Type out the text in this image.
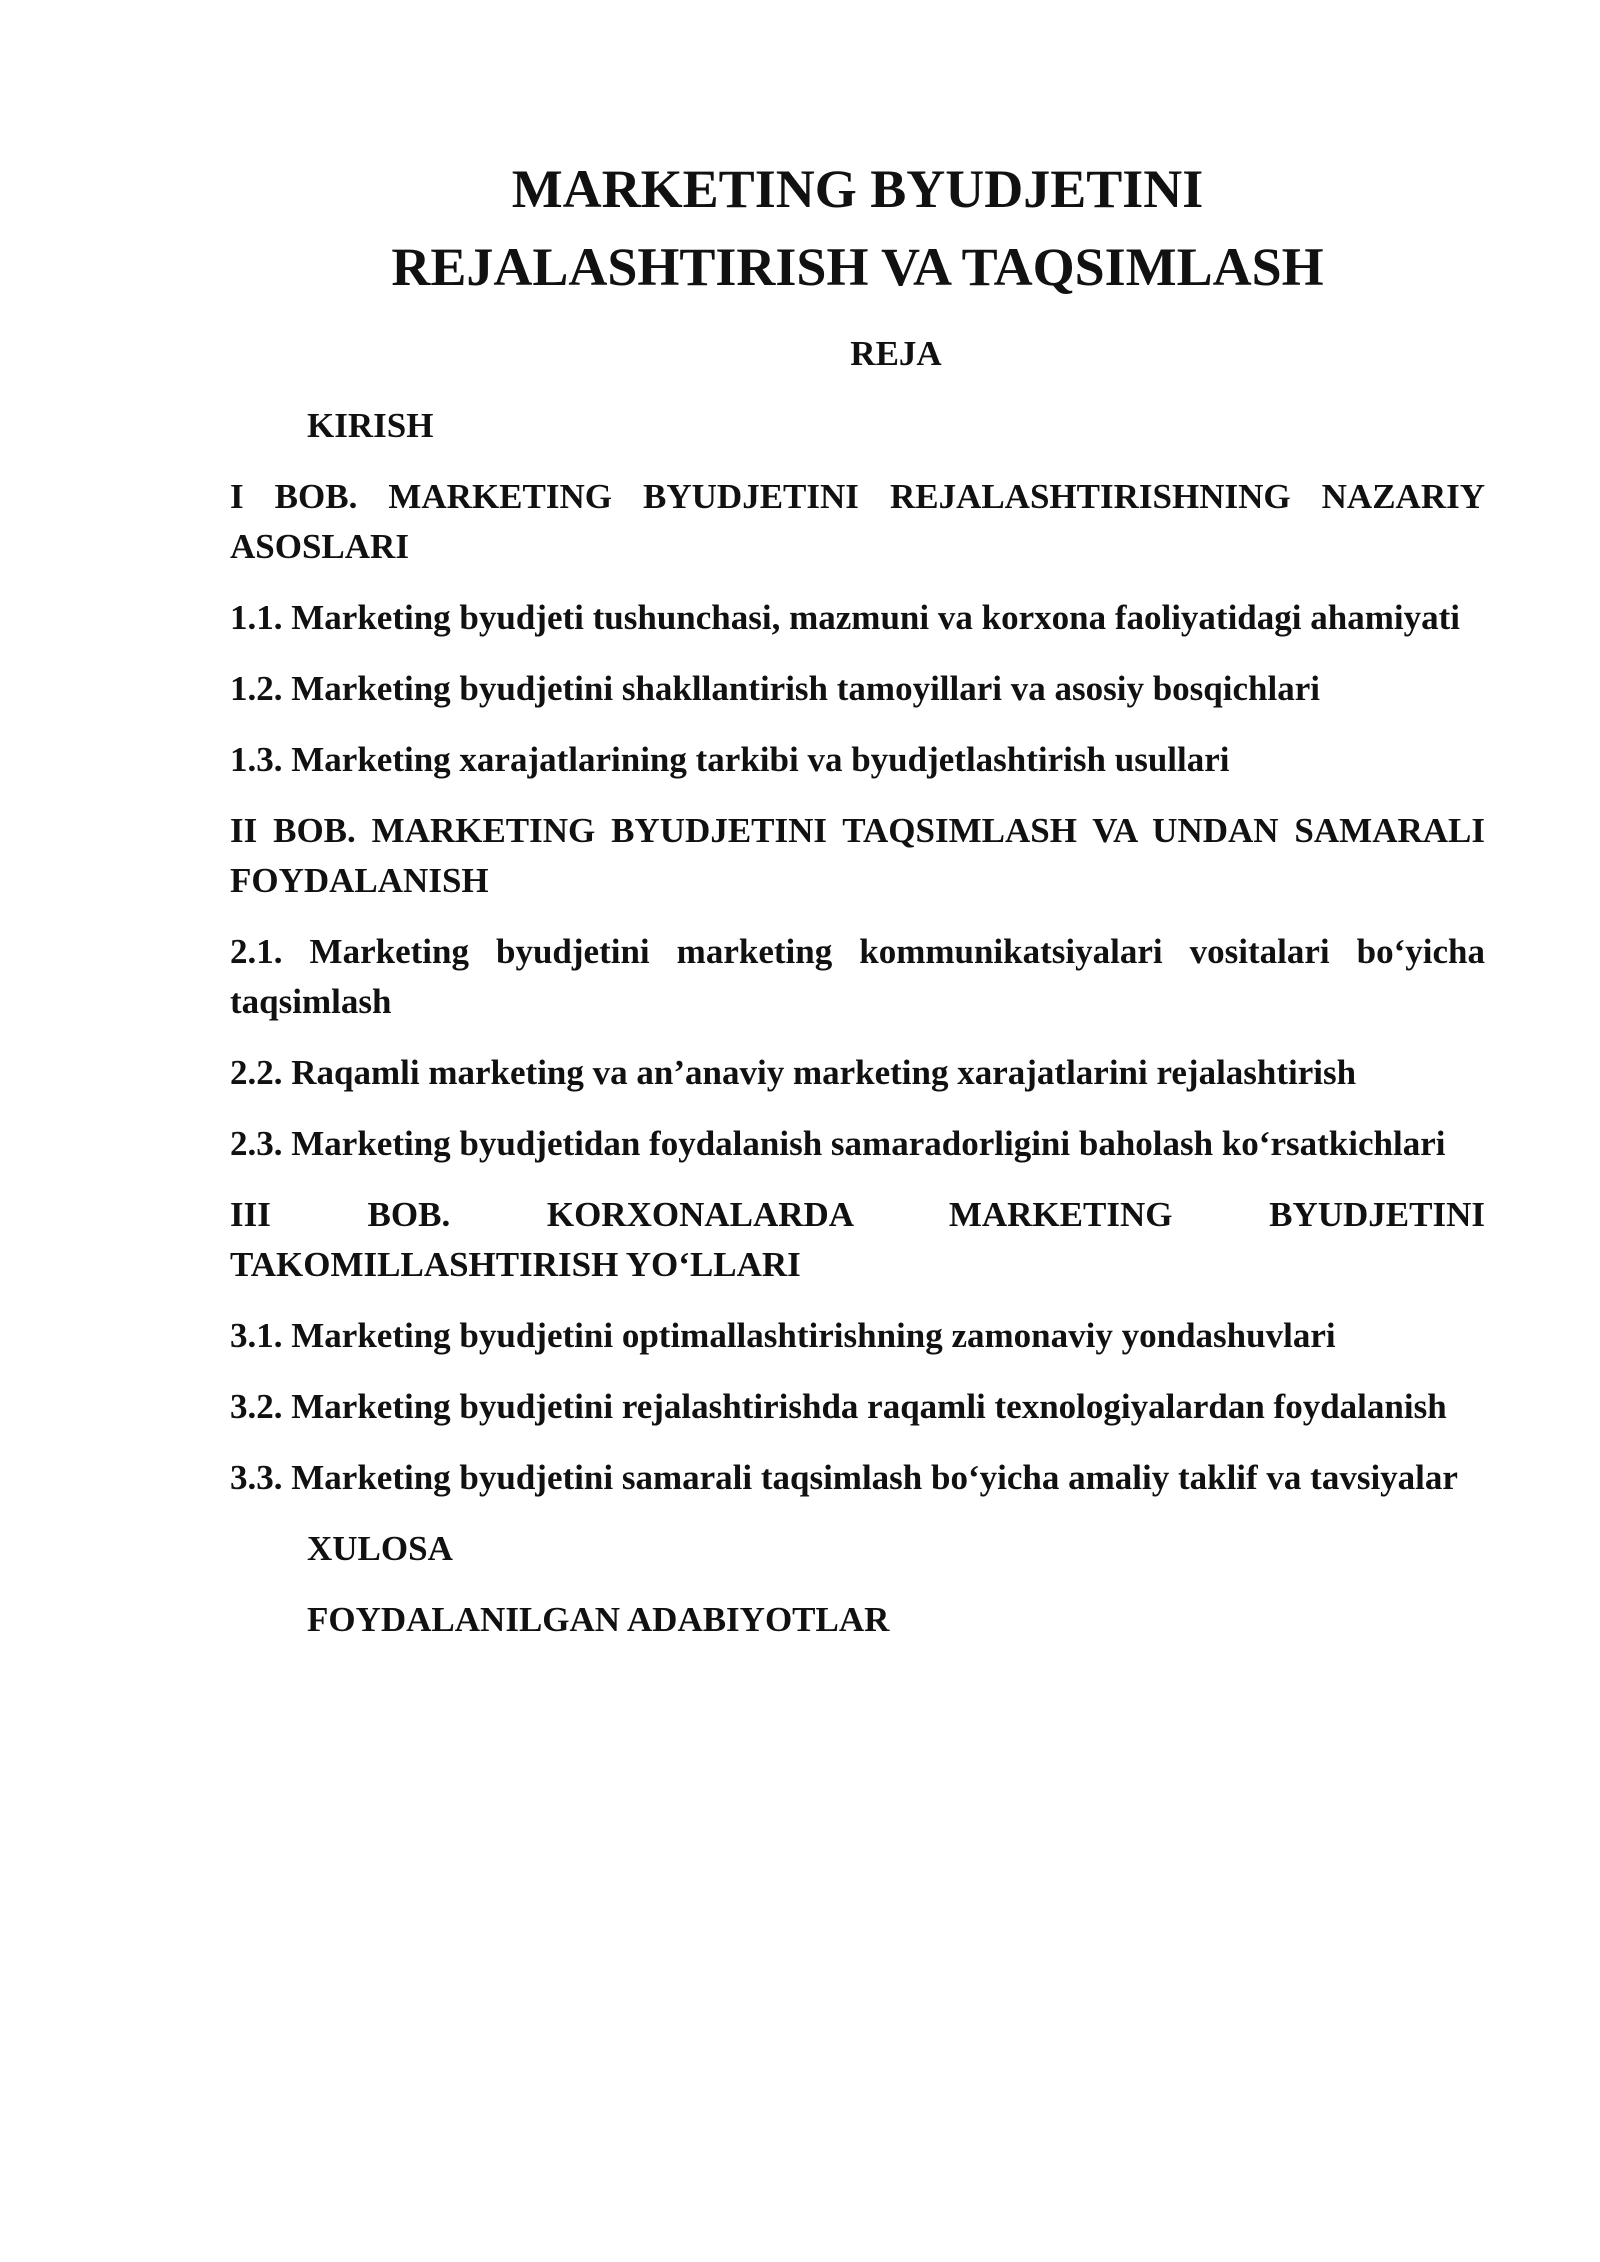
MARKETING BYUDJETINI
REJALASHTIRISH VA TAQSIMLASH
REJA
KIRISH
I BOB. MARKETING BYUDJETINI REJALASHTIRISHNING NAZARIY ASOSLARI
1.1. Marketing byudjeti tushunchasi, mazmuni va korxona faoliyatidagi ahamiyati
1.2. Marketing byudjetini shakllantirish tamoyillari va asosiy bosqichlari
1.3. Marketing xarajatlarining tarkibi va byudjetlashtirish usullari
II BOB. MARKETING BYUDJETINI TAQSIMLASH VA UNDAN SAMARALI FOYDALANISH
2.1. Marketing byudjetini marketing kommunikatsiyalari vositalari bo‘yicha taqsimlash
2.2. Raqamli marketing va an’anaviy marketing xarajatlarini rejalashtirish
2.3. Marketing byudjetidan foydalanish samaradorligini baholash ko‘rsatkichlari
III BOB. KORXONALARDA MARKETING BYUDJETINI TAKOMILLASHTIRISH YO‘LLARI
3.1. Marketing byudjetini optimallashtirishning zamonaviy yondashuvlari
3.2. Marketing byudjetini rejalashtirishda raqamli texnologiyalardan foydalanish
3.3. Marketing byudjetini samarali taqsimlash bo‘yicha amaliy taklif va tavsiyalar
XULOSA
FOYDALANILGAN ADABIYOTLAR
